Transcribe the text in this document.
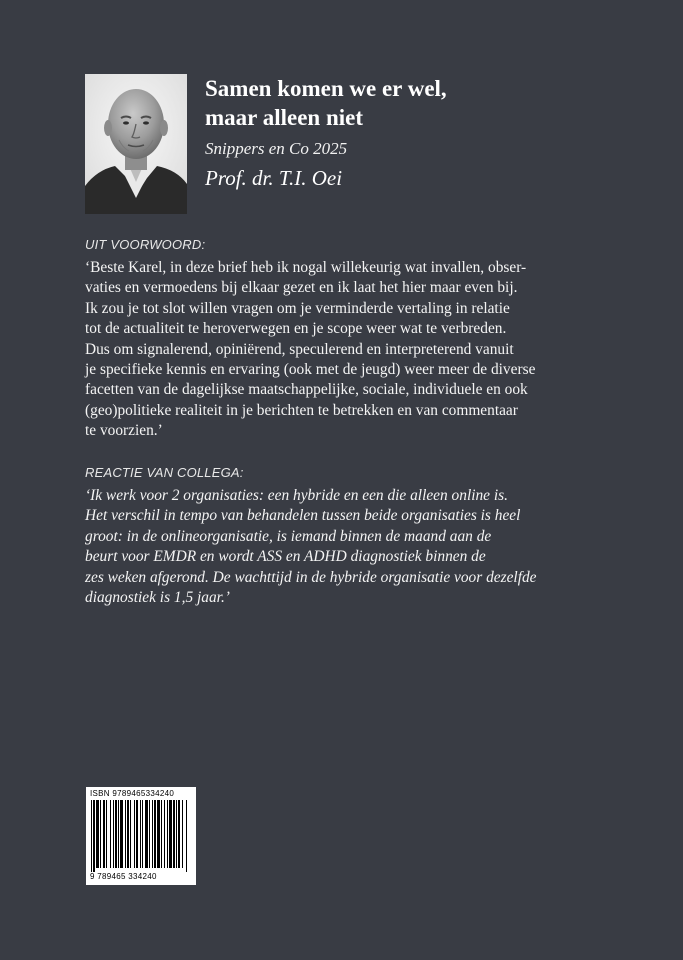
Samen komen we er wel,
maar alleen niet

Snippers en Co 2025

Prof. dr. T.I. Oei

UIT VOORWOORD:

‘Beste Karel, in deze brief heb ik nogal willekeurig wat invallen, obser-
vaties en vermoedens bij elkaar gezet en ik laat het hier maar even bij.
Ik zou je tot slot willen vragen om je verminderde vertaling in relatie
tot de actualiteit te heroverwegen en je scope weer wat te verbreden.
Dus om signalerend, opiniërend, speculerend en interpreterend vanuit
je specifieke kennis en ervaring (ook met de jeugd) weer meer de diverse
facetten van de dagelijkse maatschappelijke, sociale, individuele en ook
(geo)politieke realiteit in je berichten te betrekken en van commentaar
te voorzien.’

REACTIE VAN COLLEGA:

‘Ik werk voor 2 organisaties: een hybride en een die alleen online is.
Het verschil in tempo van behandelen tussen beide organisaties is heel
groot: in de onlineorganisatie, is iemand binnen de maand aan de
beurt voor EMDR en wordt ASS en ADHD diagnostiek binnen de
zes weken afgerond. De wachttijd in de hybride organisatie voor dezelfde
diagnostiek is 1,5 jaar.’

ISBN 9789465334240

9 789465 334240
